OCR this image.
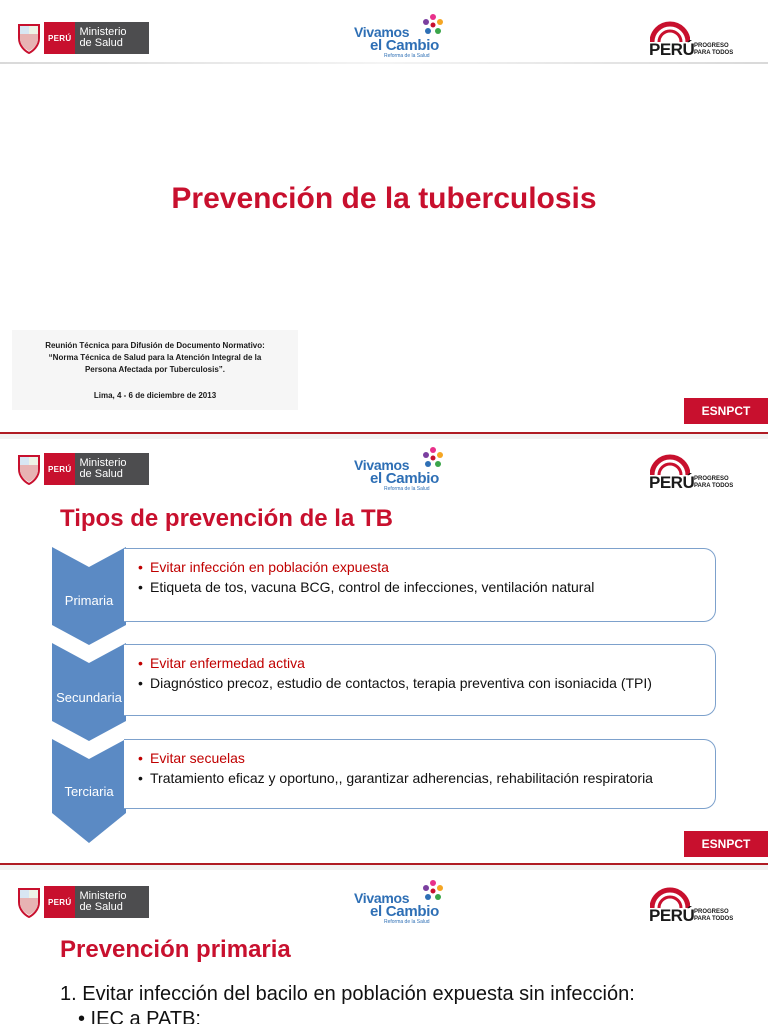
PERÚ Ministerio
de Salud
Vivamos
el Cambio
Reforma de la Salud	PERÚ PROGRESO
PARA TODOS
Prevención de la tuberculosis

Reunión Técnica para Difusión de Documento Normativo:

“Norma Técnica de Salud para la Atención Integral de la

Persona Afectada por Tuberculosis”.

Lima, 4 - 6 de diciembre de 2013

ESNPCT
PERÚ Ministerio
de Salud
Vivamos
el Cambio
Reforma de la Salud	PERÚ PROGRESO
PARA TODOS
Tipos de prevención de la TB
Primaria
• Evitar infección en población expuesta
• Etiqueta de tos, vacuna BCG, control de infecciones, ventilación natural
Secundaria
• Evitar enfermedad activa
• Diagnóstico precoz, estudio de contactos, terapia preventiva con isoniacida (TPI)
Terciaria
• Evitar secuelas
• Tratamiento eficaz y oportuno,, garantizar adherencias, rehabilitación respiratoria
ESNPCT
PERÚ Ministerio
de Salud
Vivamos
el Cambio
Reforma de la Salud	PERÚ PROGRESO
PARA TODOS
Prevención primaria
1. Evitar infección del bacilo en población expuesta sin infección:
• IEC a PATB:
